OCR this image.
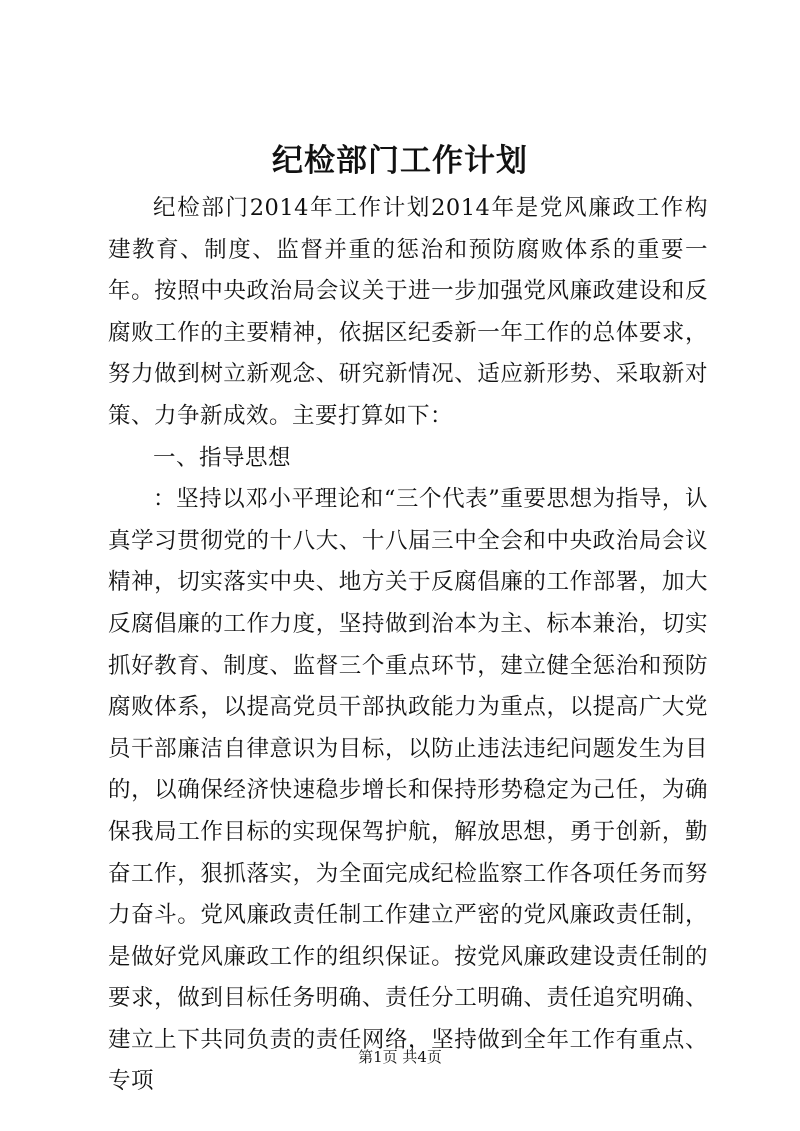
纪检部门工作计划

纪检部门2014年工作计划2014年是党风廉政工作构建教育、制度、监督并重的惩治和预防腐败体系的重要一年。按照中央政治局会议关于进一步加强党风廉政建设和反腐败工作的主要精神，依据区纪委新一年工作的总体要求，努力做到树立新观念、研究新情况、适应新形势、采取新对策、力争新成效。主要打算如下：

一、指导思想

：坚持以邓小平理论和“三个代表”重要思想为指导，认真学习贯彻党的十八大、十八届三中全会和中央政治局会议精神，切实落实中央、地方关于反腐倡廉的工作部署，加大反腐倡廉的工作力度，坚持做到治本为主、标本兼治，切实抓好教育、制度、监督三个重点环节，建立健全惩治和预防腐败体系，以提高党员干部执政能力为重点，以提高广大党员干部廉洁自律意识为目标，以防止违法违纪问题发生为目的，以确保经济快速稳步增长和保持形势稳定为己任，为确保我局工作目标的实现保驾护航，解放思想，勇于创新，勤奋工作，狠抓落实，为全面完成纪检监察工作各项任务而努力奋斗。党风廉政责任制工作建立严密的党风廉政责任制，是做好党风廉政工作的组织保证。按党风廉政建设责任制的要求，做到目标任务明确、责任分工明确、责任追究明确、建立上下共同负责的责任网络，坚持做到全年工作有重点、专项

第1页 共4页
